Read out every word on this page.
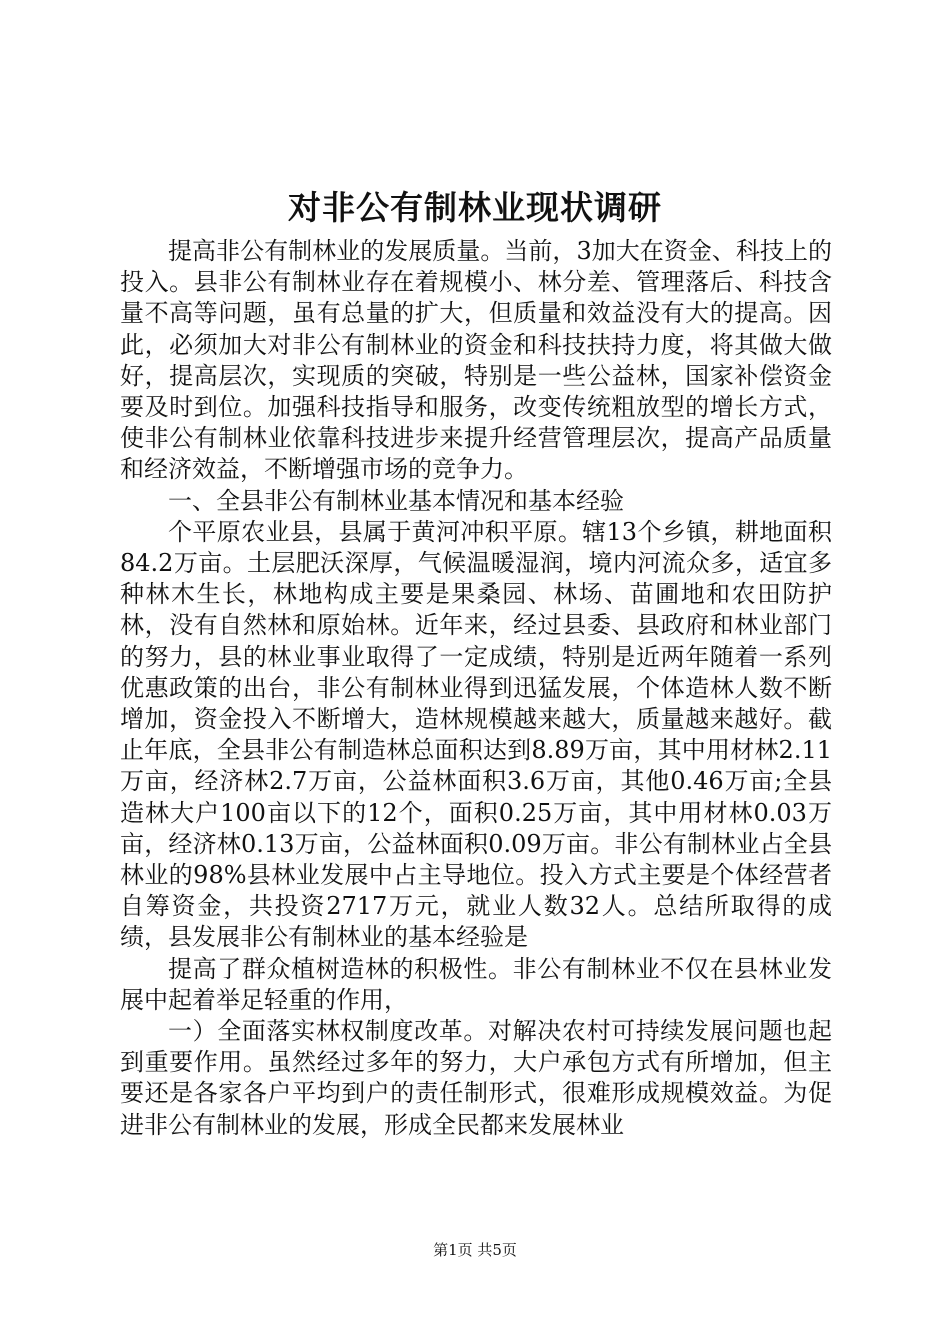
对非公有制林业现状调研

提高非公有制林业的发展质量。当前，3加大在资金、科技上的投入。县非公有制林业存在着规模小、林分差、管理落后、科技含量不高等问题，虽有总量的扩大，但质量和效益没有大的提高。因此，必须加大对非公有制林业的资金和科技扶持力度，将其做大做好，提高层次，实现质的突破，特别是一些公益林，国家补偿资金要及时到位。加强科技指导和服务，改变传统粗放型的增长方式，使非公有制林业依靠科技进步来提升经营管理层次，提高产品质量和经济效益，不断增强市场的竞争力。

一、全县非公有制林业基本情况和基本经验

个平原农业县，县属于黄河冲积平原。辖13个乡镇，耕地面积84.2万亩。土层肥沃深厚，气候温暖湿润，境内河流众多，适宜多种林木生长，林地构成主要是果桑园、林场、苗圃地和农田防护林，没有自然林和原始林。近年来，经过县委、县政府和林业部门的努力，县的林业事业取得了一定成绩，特别是近两年随着一系列优惠政策的出台，非公有制林业得到迅猛发展，个体造林人数不断增加，资金投入不断增大，造林规模越来越大，质量越来越好。截止年底，全县非公有制造林总面积达到8.89万亩，其中用材林2.11万亩，经济林2.7万亩，公益林面积3.6万亩，其他0.46万亩;全县造林大户100亩以下的12个，面积0.25万亩，其中用材林0.03万亩，经济林0.13万亩，公益林面积0.09万亩。非公有制林业占全县林业的98%县林业发展中占主导地位。投入方式主要是个体经营者自筹资金，共投资2717万元，就业人数32人。总结所取得的成绩，县发展非公有制林业的基本经验是

提高了群众植树造林的积极性。非公有制林业不仅在县林业发展中起着举足轻重的作用，

一）全面落实林权制度改革。对解决农村可持续发展问题也起到重要作用。虽然经过多年的努力，大户承包方式有所增加，但主要还是各家各户平均到户的责任制形式，很难形成规模效益。为促进非公有制林业的发展，形成全民都来发展林业

第1页 共5页
